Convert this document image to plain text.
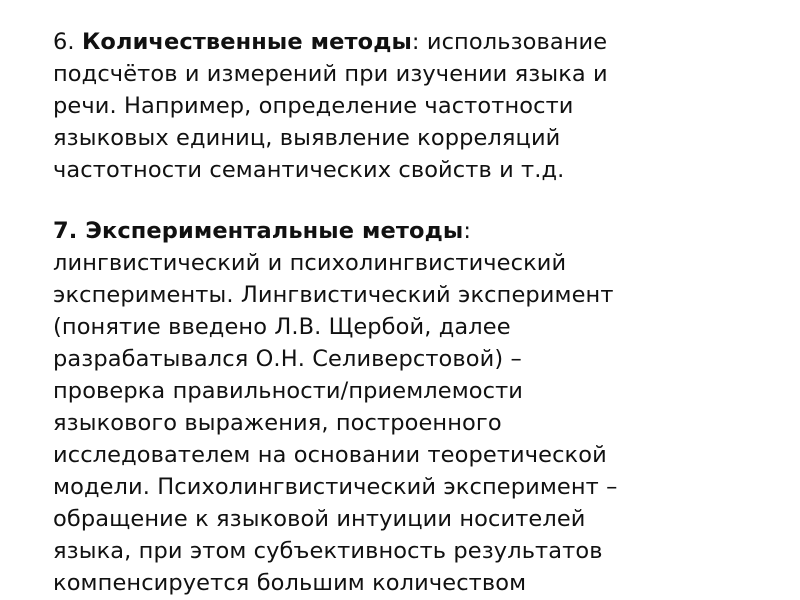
6. Количественные методы: использование
подсчётов и измерений при изучении языка и
речи. Например, определение частотности
языковых единиц, выявление корреляций
частотности семантических свойств и т.д.
7. Экспериментальные методы:
лингвистический и психолингвистический
эксперименты. Лингвистический эксперимент
(понятие введено Л.В. Щербой, далее
разрабатывался О.Н. Селиверстовой) –
проверка правильности/приемлемости
языкового выражения, построенного
исследователем на основании теоретической
модели. Психолингвистический эксперимент –
обращение к языковой интуиции носителей
языка, при этом субъективность результатов
компенсируется большим количеством
